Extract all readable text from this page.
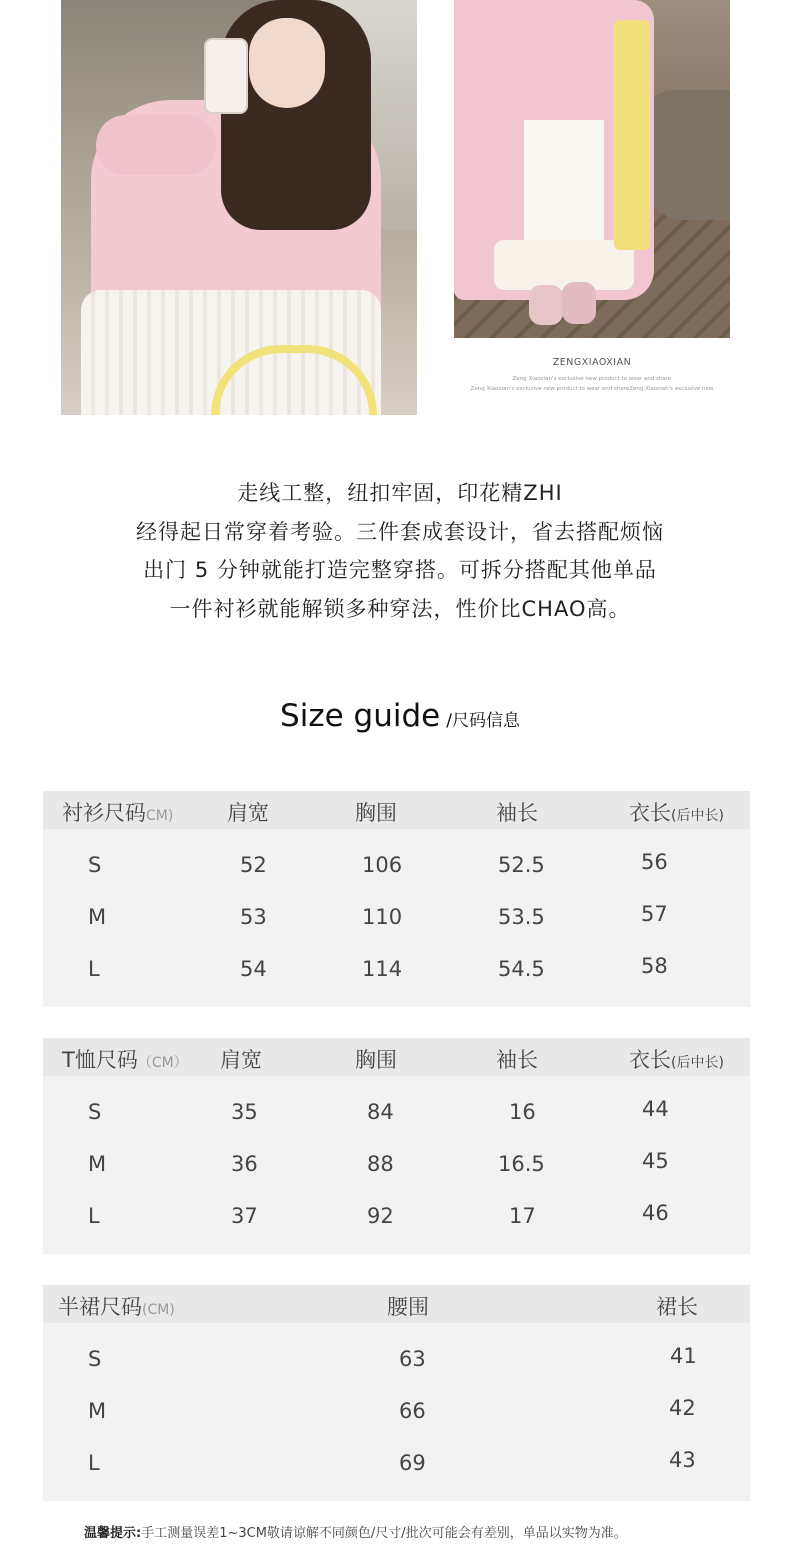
ZENGXIAOXIAN
Zeng Xiaoxian's exclusive new product to wear and share
Zeng Xiaoxian's exclusive new product to wear and shareZeng Xiaoxian's exclusive new
走线工整，纽扣牢固，印花精ZHI
经得起日常穿着考验。三件套成套设计，省去搭配烦恼
出门 5 分钟就能打造完整穿搭。可拆分搭配其他单品
一件衬衫就能解锁多种穿法，性价比CHAO高。
Size guide /尺码信息
衬衫尺码CM)	肩宽	胸围	袖长	衣长(后中长)
S	52	106	52.5	56
M	53	110	53.5	57
L	54	114	54.5	58
T恤尺码（CM） 肩宽	胸围	袖长	衣长(后中长)
S	35	84	16	44
M	36	88	16.5	45
L	37	92	17	46
半裙尺码(CM)	腰围	裙长
S	63	41
M	66	42
L	69	43
温馨提示:手工测量误差1~3CM敬请谅解不同颜色/尺寸/批次可能会有差别，单品以实物为准。
